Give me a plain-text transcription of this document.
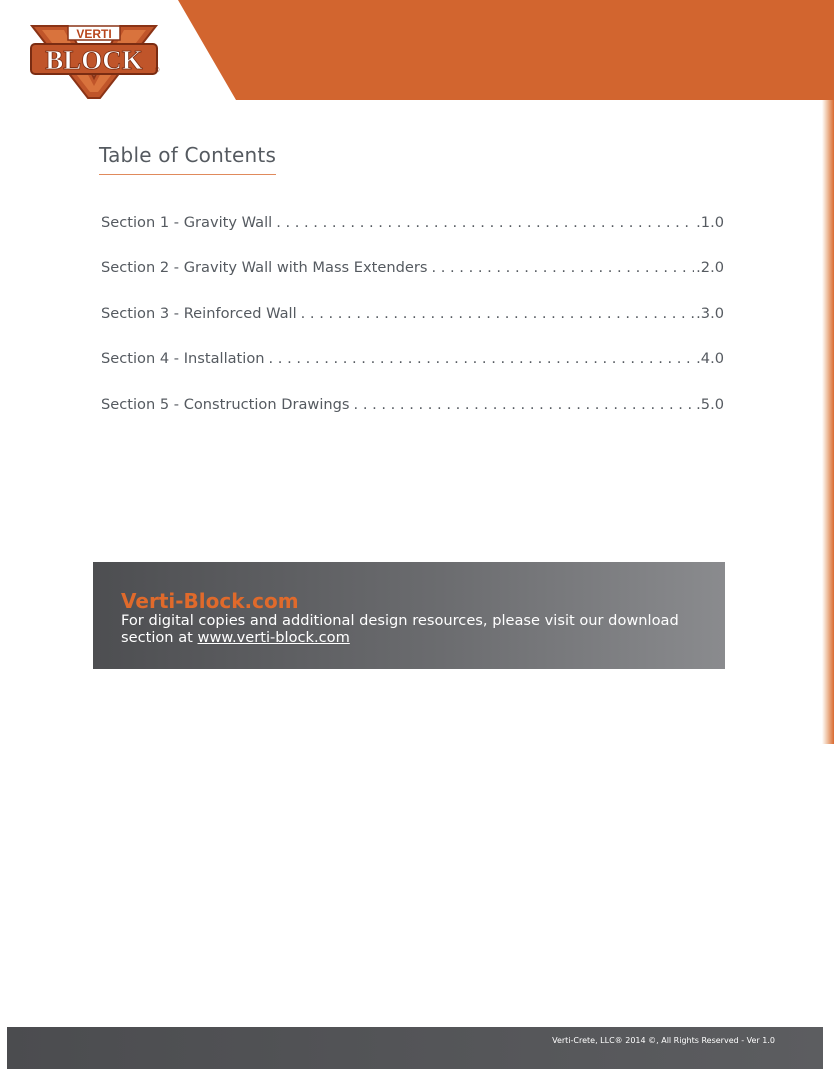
VERTI
BLOCK ®
Table of Contents
Section 1 - Gravity Wall . . .	.1.0
Section 2 - Gravity Wall with Mass Extenders . . .	.2.0
Section 3 - Reinforced Wall . . .	.3.0
Section 4 - Installation . . .	.4.0
Section 5 - Construction Drawings . . .	.5.0
Verti-Block.com
For digital copies and additional design resources, please visit our download section at www.verti-block.com
Verti-Crete, LLC® 2014 ©, All Rights Reserved - Ver 1.0
